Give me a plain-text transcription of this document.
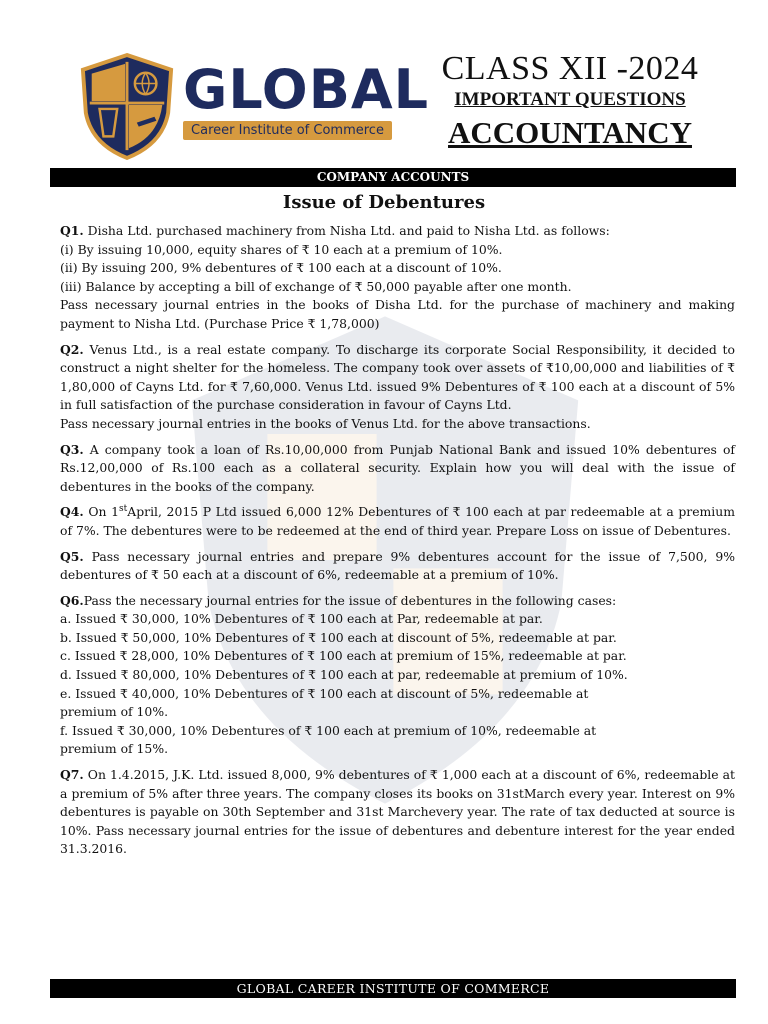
GLOBAL
Career Institute of Commerce
CLASS XII -2024
IMPORTANT QUESTIONS
ACCOUNTANCY
COMPANY ACCOUNTS
Issue of Debentures

Q1. Disha Ltd. purchased machinery from Nisha Ltd. and paid to Nisha Ltd. as follows:

(i) By issuing 10,000, equity shares of ₹ 10 each at a premium of 10%.

(ii) By issuing 200, 9% debentures of ₹ 100 each at a discount of 10%.

(iii) Balance by accepting a bill of exchange of ₹ 50,000 payable after one month.

Pass necessary journal entries in the books of Disha Ltd. for the purchase of machinery and making payment to Nisha Ltd. (Purchase Price ₹ 1,78,000)

Q2. Venus Ltd., is a real estate company. To discharge its corporate Social Responsibility, it decided to construct a night shelter for the homeless. The company took over assets of ₹10,00,000 and liabilities of ₹ 1,80,000 of Cayns Ltd. for ₹ 7,60,000. Venus Ltd. issued 9% Debentures of ₹ 100 each at a discount of 5% in full satisfaction of the purchase consideration in favour of Cayns Ltd.

Pass necessary journal entries in the books of Venus Ltd. for the above transactions.

Q3. A company took a loan of Rs.10,00,000 from Punjab National Bank and issued 10% debentures of Rs.12,00,000 of Rs.100 each as a collateral security. Explain how you will deal with the issue of debentures in the books of the company.

Q4. On 1stApril, 2015 P Ltd issued 6,000 12% Debentures of ₹ 100 each at par redeemable at a premium of 7%. The debentures were to be redeemed at the end of third year. Prepare Loss on issue of Debentures.

Q5. Pass necessary journal entries and prepare 9% debentures account for the issue of 7,500, 9% debentures of ₹ 50 each at a discount of 6%, redeemable at a premium of 10%.

Q6.Pass the necessary journal entries for the issue of debentures in the following cases:

a. Issued ₹ 30,000, 10% Debentures of ₹ 100 each at Par, redeemable at par.

b. Issued ₹ 50,000, 10% Debentures of ₹ 100 each at discount of 5%, redeemable at par.

c. Issued ₹ 28,000, 10% Debentures of ₹ 100 each at premium of 15%, redeemable at par.

d. Issued ₹ 80,000, 10% Debentures of ₹ 100 each at par, redeemable at premium of 10%.

e. Issued ₹ 40,000, 10% Debentures of ₹ 100 each at discount of 5%, redeemable at

premium of 10%.

f. Issued ₹ 30,000, 10% Debentures of ₹ 100 each at premium of 10%, redeemable at

premium of 15%.

Q7. On 1.4.2015, J.K. Ltd. issued 8,000, 9% debentures of ₹ 1,000 each at a discount of 6%, redeemable at a premium of 5% after three years. The company closes its books on 31stMarch every year. Interest on 9% debentures is payable on 30th September and 31st Marchevery year. The rate of tax deducted at source is 10%. Pass necessary journal entries for the issue of debentures and debenture interest for the year ended 31.3.2016.

GLOBAL CAREER INSTITUTE OF COMMERCE
